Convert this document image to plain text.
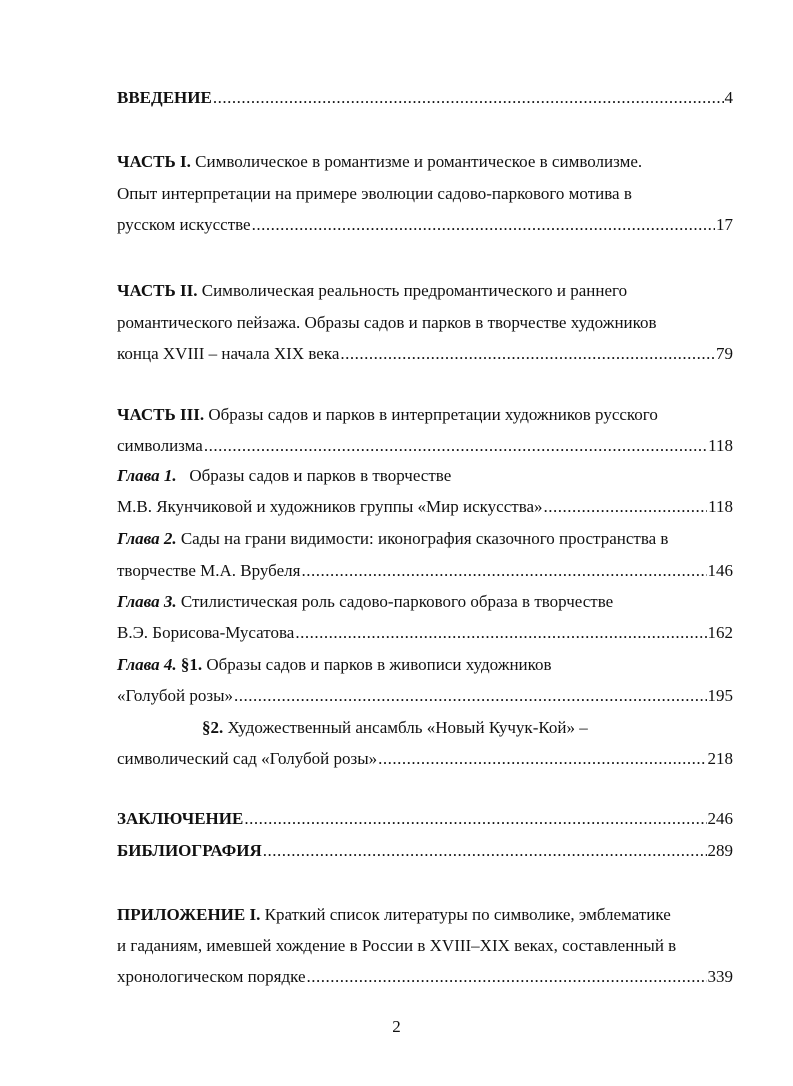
ВВЕДЕНИЕ .....	4
ЧАСТЬ I. Символическое в романтизме и романтическое в символизме.
Опыт интерпретации на примере эволюции садово-паркового мотива в
русском искусстве .....	17
ЧАСТЬ II. Символическая реальность предромантического и раннего
романтического пейзажа. Образы садов и парков в творчестве художников
конца XVIII – начала XIX века .....	79
ЧАСТЬ III. Образы садов и парков в интерпретации художников русского
символизма .....	118
Глава 1. Образы садов и парков в творчестве
М.В. Якунчиковой и художников группы «Мир искусства» .....	118
Глава 2. Сады на грани видимости: иконография сказочного пространства в
творчестве М.А. Врубеля .....	146
Глава 3. Стилистическая роль садово-паркового образа в творчестве
В.Э. Борисова-Мусатова .....	162
Глава 4. §1. Образы садов и парков в живописи художников
«Голубой розы» .....	195
§2. Художественный ансамбль «Новый Кучук-Кой» –
символический сад «Голубой розы» .....	218
ЗАКЛЮЧЕНИЕ .....	246
БИБЛИОГРАФИЯ .....	289
ПРИЛОЖЕНИЕ I. Краткий список литературы по символике, эмблематике
и гаданиям, имевшей хождение в России в XVIII–XIX веках, составленный в
хронологическом порядке .....	339
2
